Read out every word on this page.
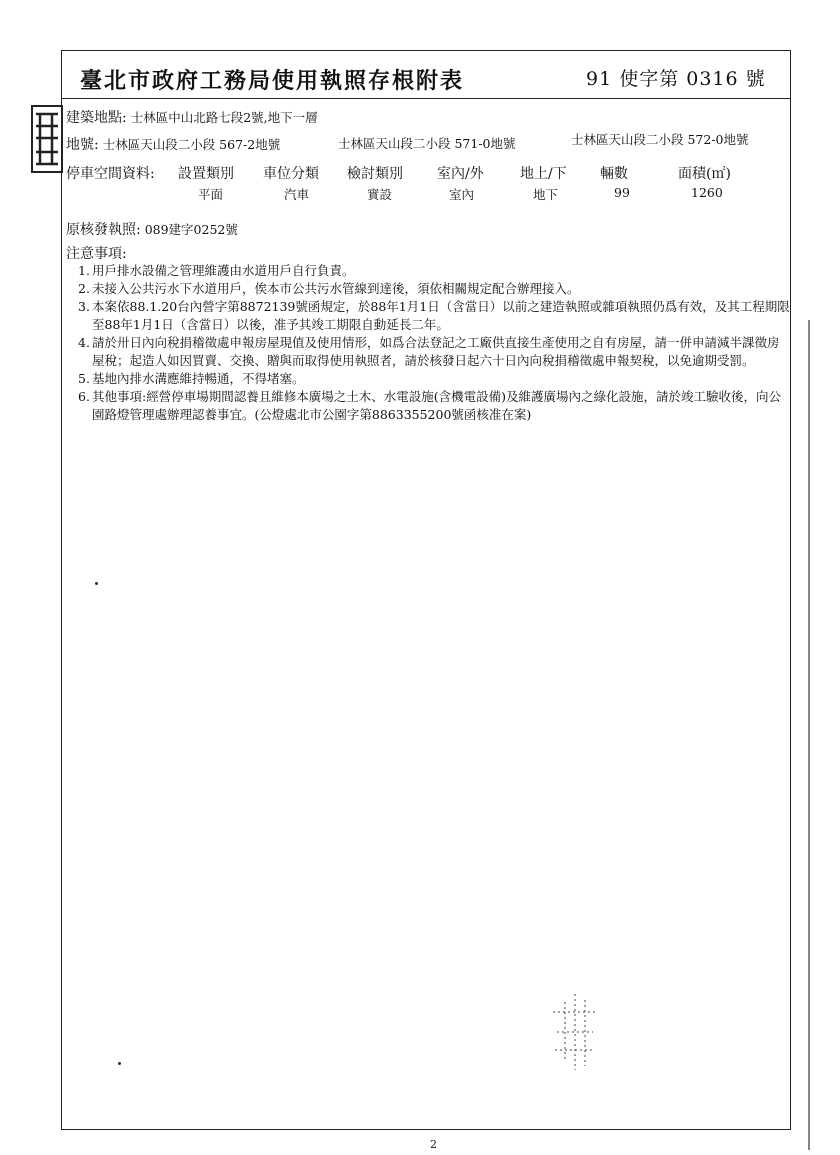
臺北市政府工務局使用執照存根附表	91 使字第 0316 號
建築地點: 士林區中山北路七段2號,地下一層
地號: 士林區天山段二小段 567-2地號	士林區天山段二小段 571-0地號	士林區天山段二小段 572-0地號
停車空間資料: 設置類別 車位分類 檢討類別 室內/外	地上/下 輛數	面積(㎡)
平面	汽車	實設	室內	地下	99	1260
原核發執照: 089建字0252號
注意事項:
1. 用戶排水設備之管理維護由水道用戶自行負責。
2. 未接入公共污水下水道用戶，俟本市公共污水管線到達後，須依相關規定配合辦理接入。
3. 本案依88.1.20台內營字第8872139號函規定，於88年1月1日（含當日）以前之建造執照或雜項執照仍爲有效，及其工程期限至88年1月1日（含當日）以後，准予其竣工期限自動延長二年。
4. 請於卅日內向稅捐稽徵處申報房屋現值及使用情形，如爲合法登記之工廠供直接生產使用之自有房屋，請一併申請減半課徵房屋稅；起造人如因買賣、交換、贈與而取得使用執照者，請於核發日起六十日內向稅捐稽徵處申報契稅，以免逾期受罰。
5. 基地內排水溝應維持暢通，不得堵塞。
6. 其他事項:經營停車場期間認養且維修本廣場之土木、水電設施(含機電設備)及維護廣場內之綠化設施，請於竣工驗收後，向公園路燈管理處辦理認養事宜。(公燈處北市公園字第8863355200號函核准在案)
2
